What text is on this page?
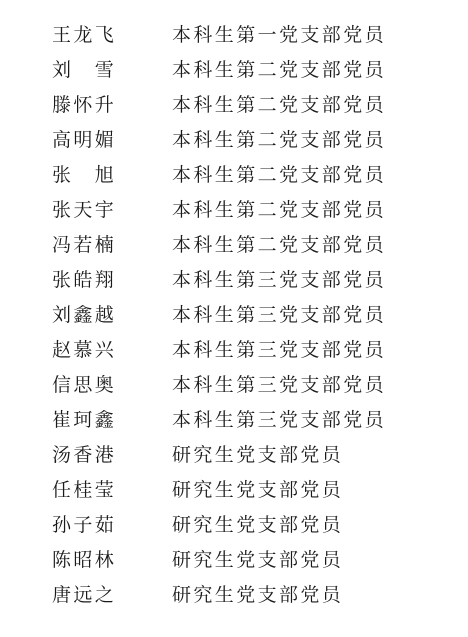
王龙飞	本科生第一党支部党员
刘　雪	本科生第二党支部党员
滕怀升	本科生第二党支部党员
高明媚	本科生第二党支部党员
张　旭	本科生第二党支部党员
张天宇	本科生第二党支部党员
冯若楠	本科生第二党支部党员
张皓翔	本科生第三党支部党员
刘鑫越	本科生第三党支部党员
赵慕兴	本科生第三党支部党员
信思奥	本科生第三党支部党员
崔珂鑫	本科生第三党支部党员
汤香港	研究生党支部党员
任桂莹	研究生党支部党员
孙子茹	研究生党支部党员
陈昭林	研究生党支部党员
唐远之	研究生党支部党员
